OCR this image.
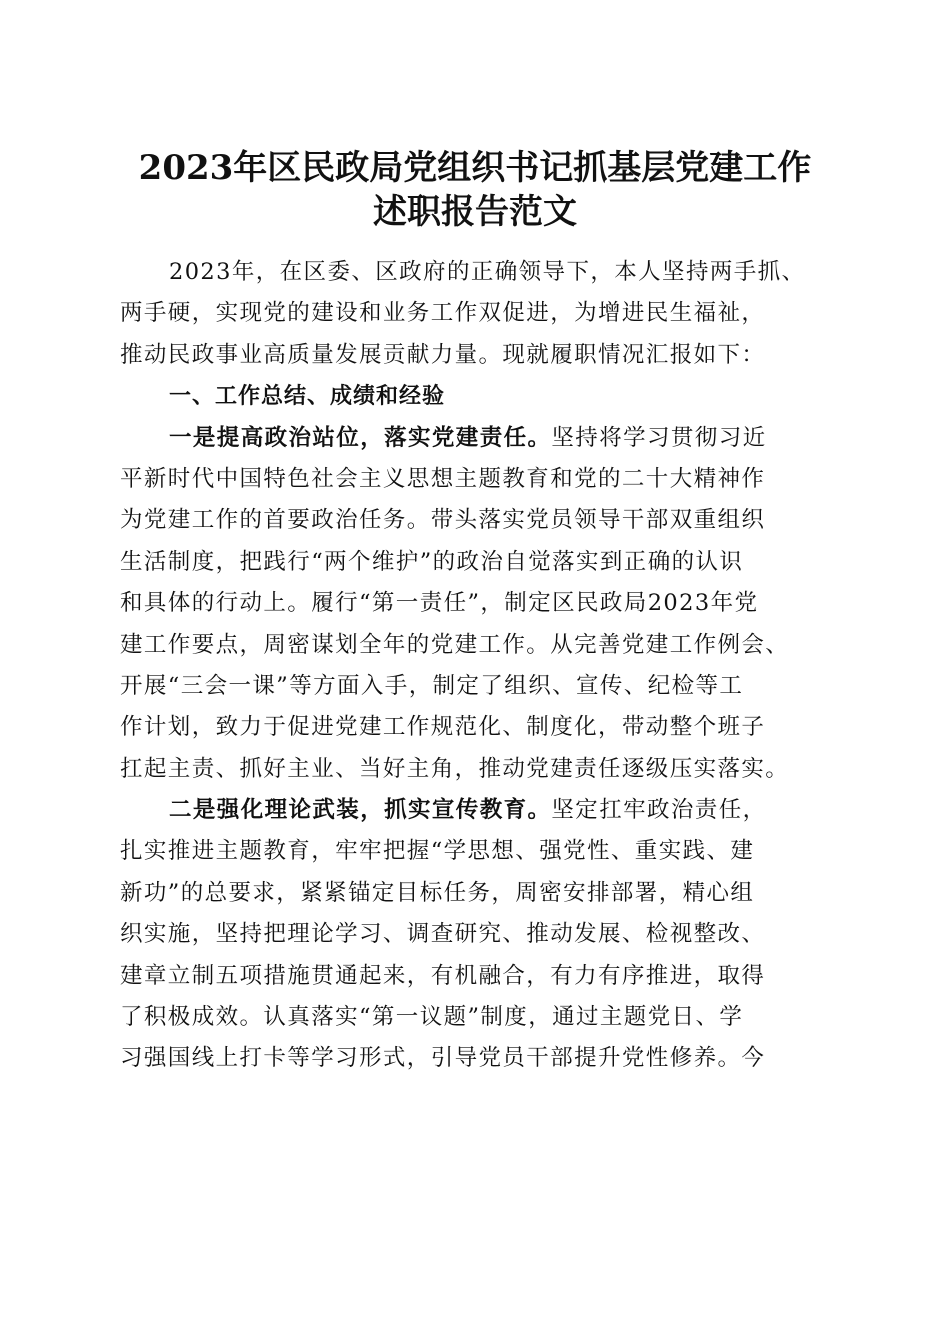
2023年区民政局党组织书记抓基层党建工作
述职报告范文
2023年，在区委、区政府的正确领导下，本人坚持两手抓、
两手硬，实现党的建设和业务工作双促进，为增进民生福祉，
推动民政事业高质量发展贡献力量。现就履职情况汇报如下：
一、工作总结、成绩和经验
一是提高政治站位，落实党建责任。坚持将学习贯彻习近
平新时代中国特色社会主义思想主题教育和党的二十大精神作
为党建工作的首要政治任务。带头落实党员领导干部双重组织
生活制度，把践行“两个维护”的政治自觉落实到正确的认识
和具体的行动上。履行“第一责任”，制定区民政局2023年党
建工作要点，周密谋划全年的党建工作。从完善党建工作例会、
开展“三会一课”等方面入手，制定了组织、宣传、纪检等工
作计划，致力于促进党建工作规范化、制度化，带动整个班子
扛起主责、抓好主业、当好主角，推动党建责任逐级压实落实。
二是强化理论武装，抓实宣传教育。坚定扛牢政治责任，
扎实推进主题教育，牢牢把握“学思想、强党性、重实践、建
新功”的总要求，紧紧锚定目标任务，周密安排部署，精心组
织实施，坚持把理论学习、调查研究、推动发展、检视整改、
建章立制五项措施贯通起来，有机融合，有力有序推进，取得
了积极成效。认真落实“第一议题”制度，通过主题党日、学
习强国线上打卡等学习形式，引导党员干部提升党性修养。今
